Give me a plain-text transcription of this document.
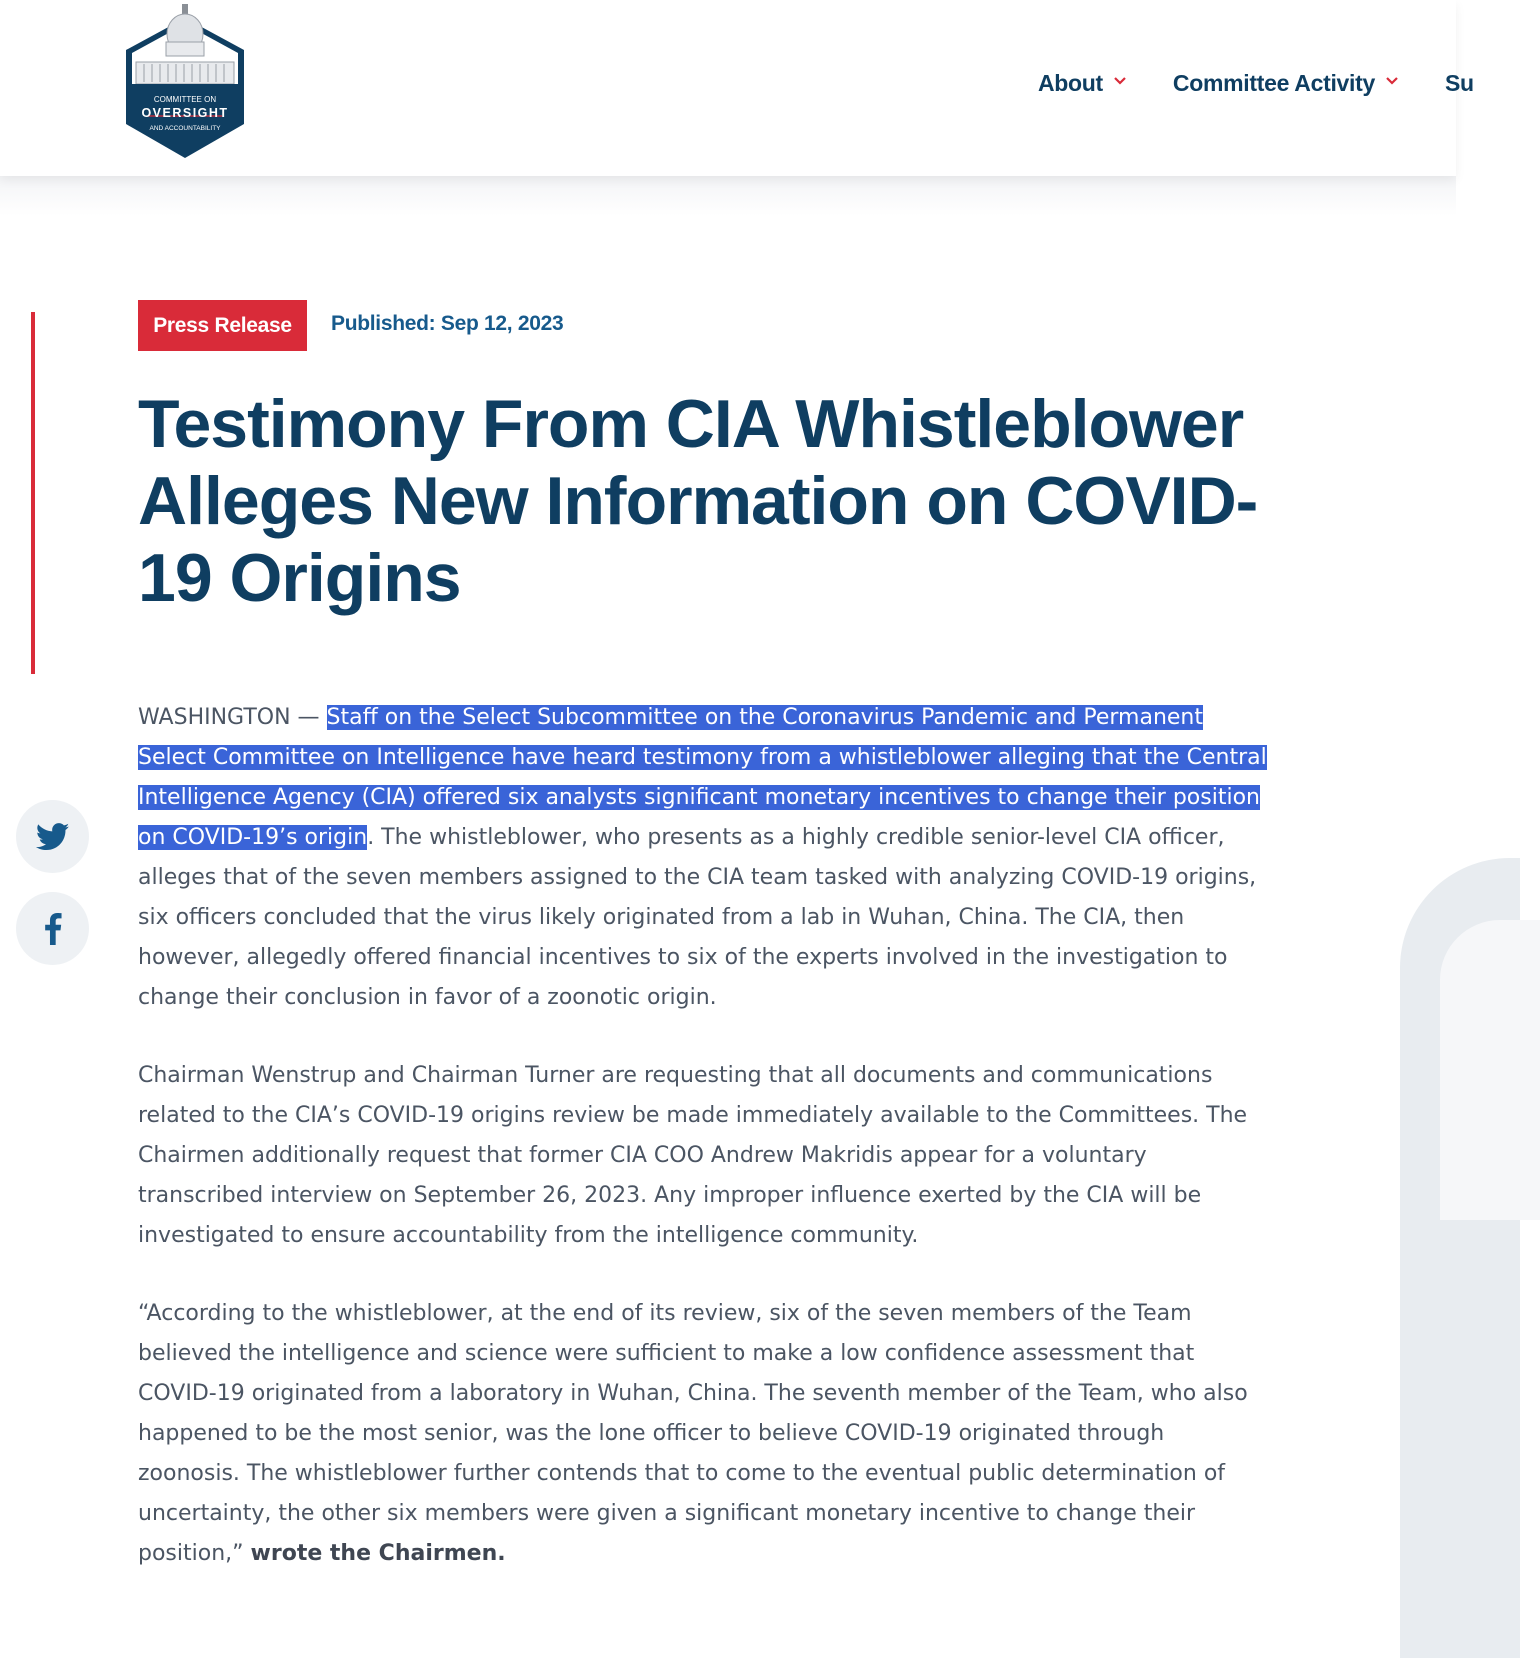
COMMITTEE ON
OVERSIGHT
AND ACCOUNTABILITY
About	Committee Activity	Su
Press Release	Published: Sep 12, 2023
Testimony From CIA Whistleblower Alleges New Information on COVID-19 Origins

WASHINGTON — Staff on the Select Subcommittee on the Coronavirus Pandemic and Permanent Select Committee on Intelligence have heard testimony from a whistleblower alleging that the Central Intelligence Agency (CIA) offered six analysts significant monetary incentives to change their position on COVID-19’s origin. The whistleblower, who presents as a highly credible senior-level CIA officer, alleges that of the seven members assigned to the CIA team tasked with analyzing COVID-19 origins, six officers concluded that the virus likely originated from a lab in Wuhan, China. The CIA, then however, allegedly offered financial incentives to six of the experts involved in the investigation to change their conclusion in favor of a zoonotic origin.

Chairman Wenstrup and Chairman Turner are requesting that all documents and communications related to the CIA’s COVID-19 origins review be made immediately available to the Committees. The Chairmen additionally request that former CIA COO Andrew Makridis appear for a voluntary transcribed interview on September 26, 2023. Any improper influence exerted by the CIA will be investigated to ensure accountability from the intelligence community.

“According to the whistleblower, at the end of its review, six of the seven members of the Team believed the intelligence and science were sufficient to make a low confidence assessment that COVID-19 originated from a laboratory in Wuhan, China. The seventh member of the Team, who also happened to be the most senior, was the lone officer to believe COVID-19 originated through zoonosis. The whistleblower further contends that to come to the eventual public determination of uncertainty, the other six members were given a significant monetary incentive to change their position,” wrote the Chairmen.
